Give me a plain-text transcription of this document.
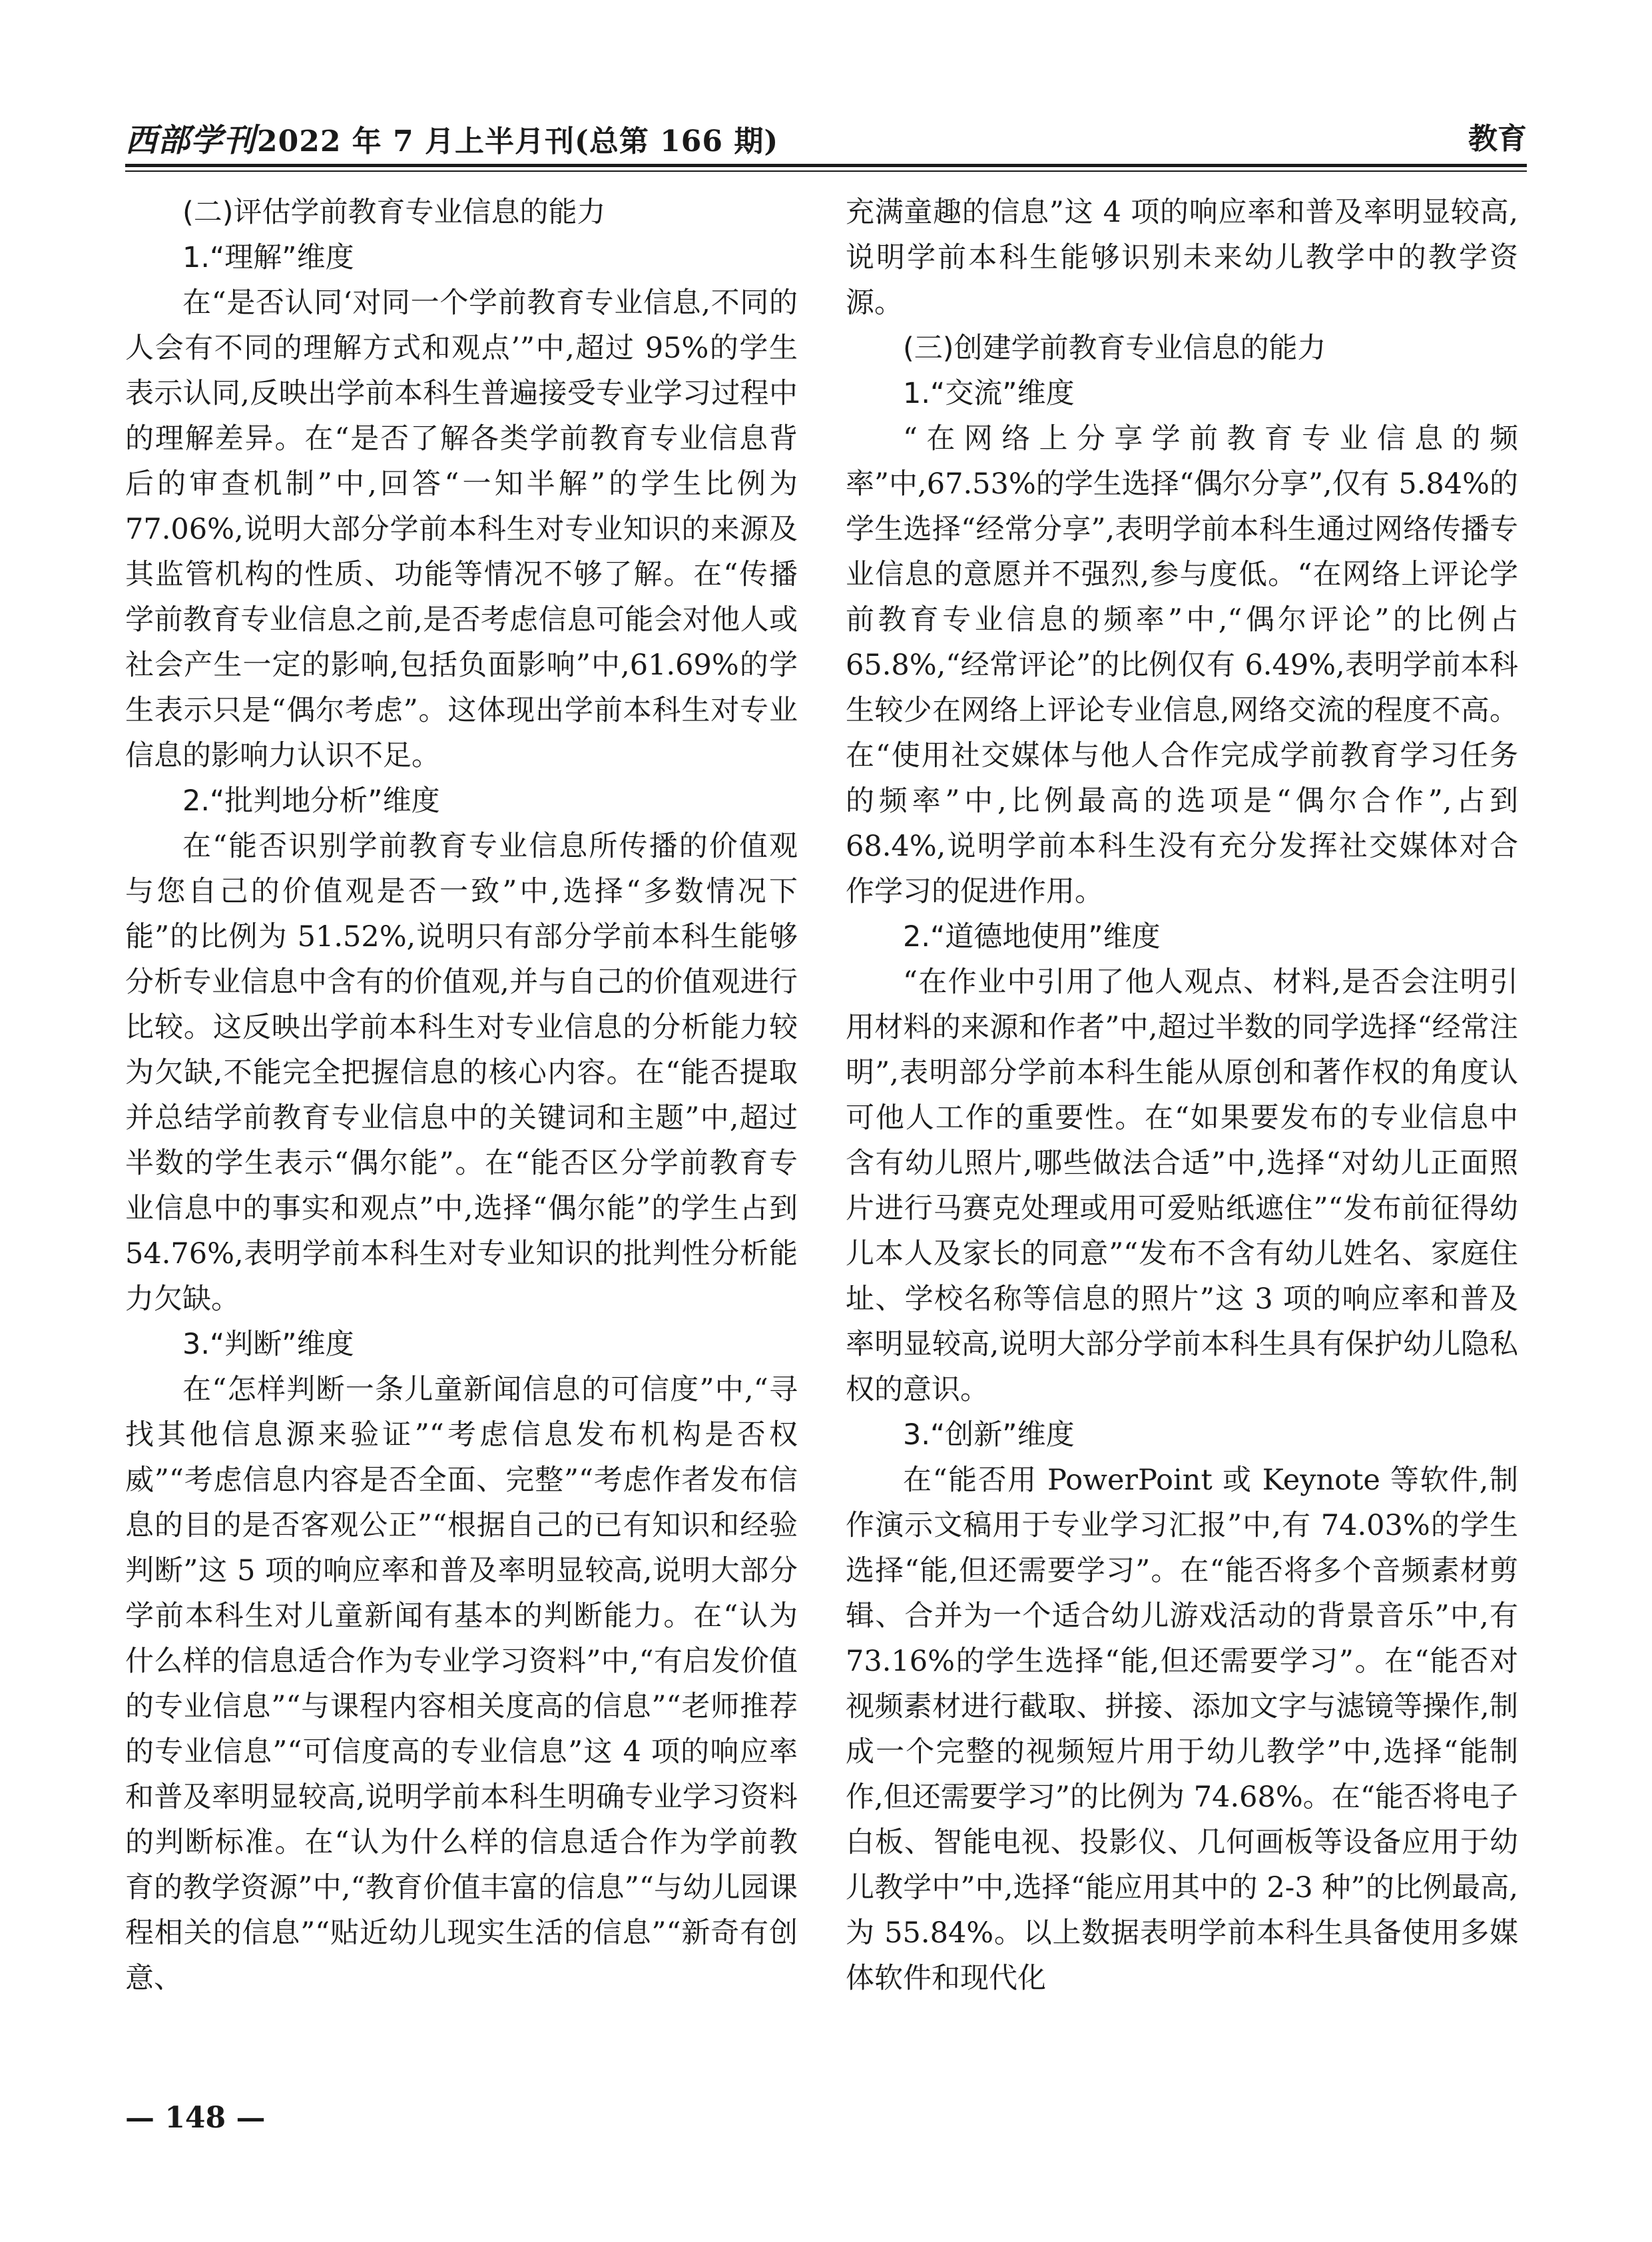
西部学刊2022 年 7 月上半月刊(总第 166 期)	教育

(二)评估学前教育专业信息的能力

1.“理解”维度

在“是否认同‘对同一个学前教育专业信息,不同的人会有不同的理解方式和观点’”中,超过 95%的学生表示认同,反映出学前本科生普遍接受专业学习过程中的理解差异。在“是否了解各类学前教育专业信息背后的审查机制”中,回答“一知半解”的学生比例为 77.06%,说明大部分学前本科生对专业知识的来源及其监管机构的性质、功能等情况不够了解。在“传播学前教育专业信息之前,是否考虑信息可能会对他人或社会产生一定的影响,包括负面影响”中,61.69%的学生表示只是“偶尔考虑”。这体现出学前本科生对专业信息的影响力认识不足。

2.“批判地分析”维度

在“能否识别学前教育专业信息所传播的价值观与您自己的价值观是否一致”中,选择“多数情况下能”的比例为 51.52%,说明只有部分学前本科生能够分析专业信息中含有的价值观,并与自己的价值观进行比较。这反映出学前本科生对专业信息的分析能力较为欠缺,不能完全把握信息的核心内容。在“能否提取并总结学前教育专业信息中的关键词和主题”中,超过半数的学生表示“偶尔能”。在“能否区分学前教育专业信息中的事实和观点”中,选择“偶尔能”的学生占到 54.76%,表明学前本科生对专业知识的批判性分析能力欠缺。

3.“判断”维度

在“怎样判断一条儿童新闻信息的可信度”中,“寻找其他信息源来验证”“考虑信息发布机构是否权威”“考虑信息内容是否全面、完整”“考虑作者发布信息的目的是否客观公正”“根据自己的已有知识和经验判断”这 5 项的响应率和普及率明显较高,说明大部分学前本科生对儿童新闻有基本的判断能力。在“认为什么样的信息适合作为专业学习资料”中,“有启发价值的专业信息”“与课程内容相关度高的信息”“老师推荐的专业信息”“可信度高的专业信息”这 4 项的响应率和普及率明显较高,说明学前本科生明确专业学习资料的判断标准。在“认为什么样的信息适合作为学前教育的教学资源”中,“教育价值丰富的信息”“与幼儿园课程相关的信息”“贴近幼儿现实生活的信息”“新奇有创意、

充满童趣的信息”这 4 项的响应率和普及率明显较高,说明学前本科生能够识别未来幼儿教学中的教学资源。

(三)创建学前教育专业信息的能力

1.“交流”维度

“在网络上分享学前教育专业信息的频率”中,67.53%的学生选择“偶尔分享”,仅有 5.84%的学生选择“经常分享”,表明学前本科生通过网络传播专业信息的意愿并不强烈,参与度低。“在网络上评论学前教育专业信息的频率”中,“偶尔评论”的比例占 65.8%,“经常评论”的比例仅有 6.49%,表明学前本科生较少在网络上评论专业信息,网络交流的程度不高。在“使用社交媒体与他人合作完成学前教育学习任务的频率”中,比例最高的选项是“偶尔合作”,占到 68.4%,说明学前本科生没有充分发挥社交媒体对合作学习的促进作用。

2.“道德地使用”维度

“在作业中引用了他人观点、材料,是否会注明引用材料的来源和作者”中,超过半数的同学选择“经常注明”,表明部分学前本科生能从原创和著作权的角度认可他人工作的重要性。在“如果要发布的专业信息中含有幼儿照片,哪些做法合适”中,选择“对幼儿正面照片进行马赛克处理或用可爱贴纸遮住”“发布前征得幼儿本人及家长的同意”“发布不含有幼儿姓名、家庭住址、学校名称等信息的照片”这 3 项的响应率和普及率明显较高,说明大部分学前本科生具有保护幼儿隐私权的意识。

3.“创新”维度

在“能否用 PowerPoint 或 Keynote 等软件,制作演示文稿用于专业学习汇报”中,有 74.03%的学生选择“能,但还需要学习”。在“能否将多个音频素材剪辑、合并为一个适合幼儿游戏活动的背景音乐”中,有 73.16%的学生选择“能,但还需要学习”。在“能否对视频素材进行截取、拼接、添加文字与滤镜等操作,制成一个完整的视频短片用于幼儿教学”中,选择“能制作,但还需要学习”的比例为 74.68%。在“能否将电子白板、智能电视、投影仪、几何画板等设备应用于幼儿教学中”中,选择“能应用其中的 2-3 种”的比例最高,为 55.84%。以上数据表明学前本科生具备使用多媒体软件和现代化

— 148 —
